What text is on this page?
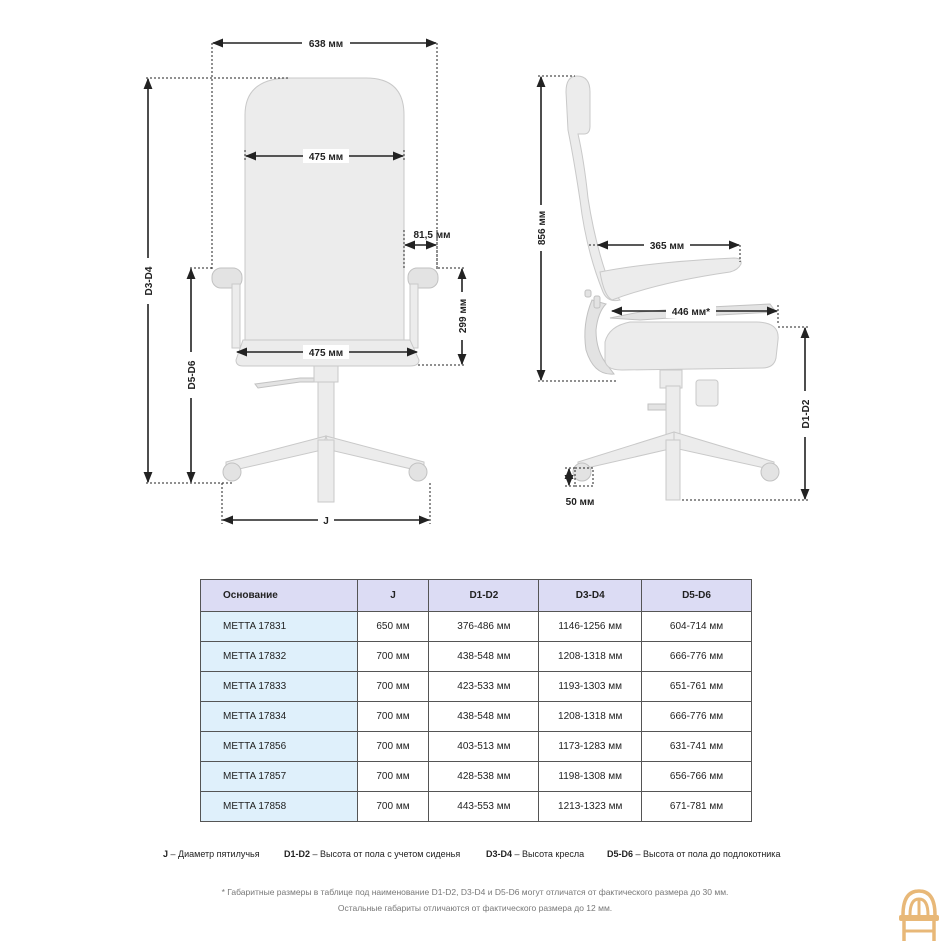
638 мм
475 мм
81,5 мм
299 мм
475 мм
D3-D4
D5-D6
J
856 мм
365 мм
446 мм*
D1-D2
50 мм
Основание	J	D1-D2	D3-D4	D5-D6
METTA 17831	650 мм	376-486 мм	1146-1256 мм	604-714 мм
METTA 17832	700 мм	438-548 мм	1208-1318 мм	666-776 мм
METTA 17833	700 мм	423-533 мм	1193-1303 мм	651-761 мм
METTA 17834	700 мм	438-548 мм	1208-1318 мм	666-776 мм
METTA 17856	700 мм	403-513 мм	1173-1283 мм	631-741 мм
METTA 17857	700 мм	428-538 мм	1198-1308 мм	656-766 мм
METTA 17858	700 мм	443-553 мм	1213-1323 мм	671-781 мм
J – Диаметр пятилучья	D1-D2 – Высота от пола с учетом сиденья	D3-D4 – Высота кресла	D5-D6 – Высота от пола до подлокотника
* Габаритные размеры в таблице под наименование D1-D2, D3-D4 и D5-D6 могут отличатся от фактического размера до 30 мм.
Остальные габариты отличаются от фактического размера до 12 мм.
